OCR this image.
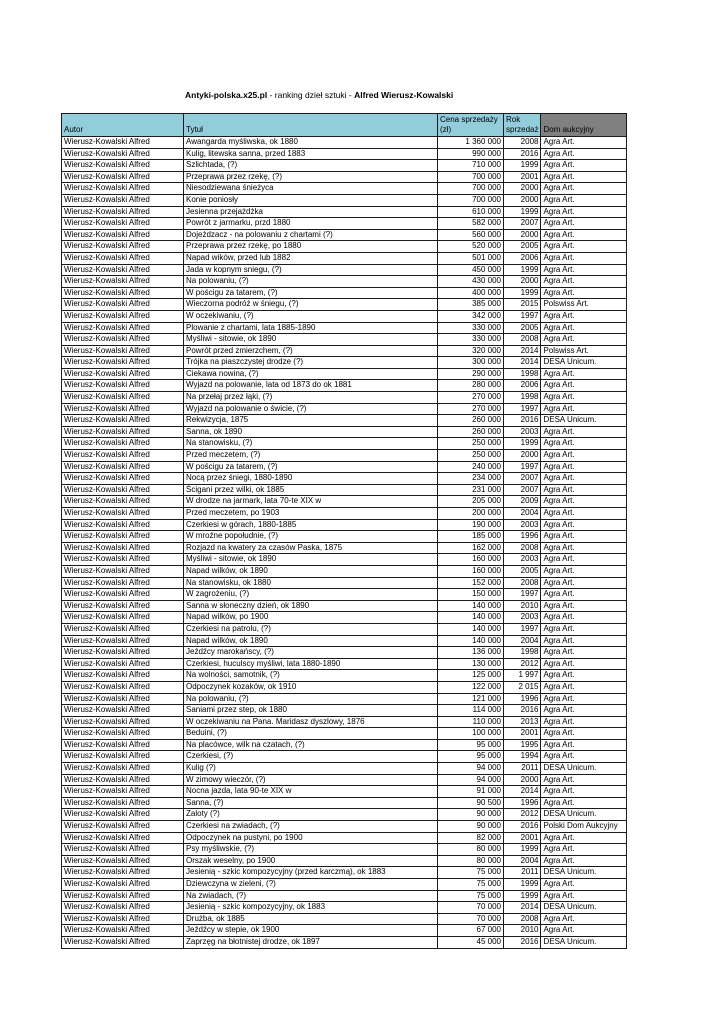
Antyki-polska.x25.pl - ranking dzieł sztuki - Alfred Wierusz-Kowalski
Autor	Tytuł	Cena sprzedaży (zł)	Rok sprzedaż	Dom aukcyjny
Wierusz-Kowalski Alfred	Awangarda myśliwska, ok 1880	1 360 000	2008	Agra Art.
Wierusz-Kowalski Alfred	Kulig, litewska sanna, przed 1883	990 000	2016	Agra Art.
Wierusz-Kowalski Alfred	Szlichtada, (?)	710 000	1999	Agra Art.
Wierusz-Kowalski Alfred	Przeprawa przez rzekę, (?)	700 000	2001	Agra Art.
Wierusz-Kowalski Alfred	Niesodziewana śnieżyca	700 000	2000	Agra Art.
Wierusz-Kowalski Alfred	Konie poniosły	700 000	2000	Agra Art.
Wierusz-Kowalski Alfred	Jesienna przejażdżka	610 000	1999	Agra Art.
Wierusz-Kowalski Alfred	Powrót z jarmarku, przd 1880	582 000	2007	Agra Art.
Wierusz-Kowalski Alfred	Dojeżdzacz - na polowaniu z chartami (?)	560 000	2000	Agra Art.
Wierusz-Kowalski Alfred	Przeprawa przez rzekę, po 1880	520 000	2005	Agra Art.
Wierusz-Kowalski Alfred	Napad wików, przed lub 1882	501 000	2006	Agra Art.
Wierusz-Kowalski Alfred	Jada w kopnym sniegu, (?)	450 000	1999	Agra Art.
Wierusz-Kowalski Alfred	Na polowaniu, (?)	430 000	2000	Agra Art.
Wierusz-Kowalski Alfred	W pościgu za tatarem, (?)	400 000	1999	Agra Art.
Wierusz-Kowalski Alfred	Wieczorna podróż w śniegu, (?)	385 000	2015	Polswiss Art.
Wierusz-Kowalski Alfred	W oczekiwaniu, (?)	342 000	1997	Agra Art.
Wierusz-Kowalski Alfred	Plowanie z chartami, lata 1885-1890	330 000	2005	Agra Art.
Wierusz-Kowalski Alfred	Myśliwi - sitowie, ok 1890	330 000	2008	Agra Art.
Wierusz-Kowalski Alfred	Powrót przed zmierzchem, (?)	320 000	2014	Polswiss Art.
Wierusz-Kowalski Alfred	Trójka na piaszczystej drodze (?)	300 000	2014	DESA Unicum.
Wierusz-Kowalski Alfred	Ciekawa nowina, (?)	290 000	1998	Agra Art.
Wierusz-Kowalski Alfred	Wyjazd na polowanie, lata od 1873 do ok 1881	280 000	2006	Agra Art.
Wierusz-Kowalski Alfred	Na przełaj przez łąki, (?)	270 000	1998	Agra Art.
Wierusz-Kowalski Alfred	Wyjazd na polowanie o świcie, (?)	270 000	1997	Agra Art.
Wierusz-Kowalski Alfred	Rekwizycja, 1875	260 000	2016	DESA Unicum.
Wierusz-Kowalski Alfred	Sanna, ok 1890	260 000	2003	Agra Art.
Wierusz-Kowalski Alfred	Na stanowisku, (?)	250 000	1999	Agra Art.
Wierusz-Kowalski Alfred	Przed meczetem, (?)	250 000	2000	Agra Art.
Wierusz-Kowalski Alfred	W pościgu za tatarem, (?)	240 000	1997	Agra Art.
Wierusz-Kowalski Alfred	Nocą przez śniegi, 1880-1890	234 000	2007	Agra Art.
Wierusz-Kowalski Alfred	Ścigani przez wilki, ok 1885	231 000	2007	Agra Art.
Wierusz-Kowalski Alfred	W drodze na jarmark, lata 70-te XIX w	205 000	2009	Agra Art.
Wierusz-Kowalski Alfred	Przed meczetem, po 1903	200 000	2004	Agra Art.
Wierusz-Kowalski Alfred	Czerkiesi w górach, 1880-1885	190 000	2003	Agra Art.
Wierusz-Kowalski Alfred	W mroźne popołudnie, (?)	185 000	1996	Agra Art.
Wierusz-Kowalski Alfred	Rozjazd na kwatery za czasów Paska, 1875	162 000	2008	Agra Art.
Wierusz-Kowalski Alfred	Myśliwi - sitowie, ok 1890	160 000	2003	Agra Art.
Wierusz-Kowalski Alfred	Napad wilków, ok 1890	160 000	2005	Agra Art.
Wierusz-Kowalski Alfred	Na stanowisku, ok 1880	152 000	2008	Agra Art.
Wierusz-Kowalski Alfred	W zagrożeniu, (?)	150 000	1997	Agra Art.
Wierusz-Kowalski Alfred	Sanna w słoneczny dzień, ok 1890	140 000	2010	Agra Art.
Wierusz-Kowalski Alfred	Napad wilków, po 1900	140 000	2003	Agra Art.
Wierusz-Kowalski Alfred	Czerkiesi na patrolu, (?)	140 000	1997	Agra Art.
Wierusz-Kowalski Alfred	Napad wilków, ok 1890	140 000	2004	Agra Art.
Wierusz-Kowalski Alfred	Jeźdźcy marokańscy, (?)	136 000	1998	Agra Art.
Wierusz-Kowalski Alfred	Czerkiesi, huculscy myśliwi, lata 1880-1890	130 000	2012	Agra Art.
Wierusz-Kowalski Alfred	Na wolności, samotnik, (?)	125 000	1 997	Agra Art.
Wierusz-Kowalski Alfred	Odpoczynek kozaków, ok 1910	122 000	2 015	Agra Art.
Wierusz-Kowalski Alfred	Na polowaniu, (?)	121 000	1996	Agra Art.
Wierusz-Kowalski Alfred	Saniami przez step, ok 1880	114 000	2016	Agra Art.
Wierusz-Kowalski Alfred	W oczekiwaniu na Pana. Maridasz dyszlowy, 1876	110 000	2013	Agra Art.
Wierusz-Kowalski Alfred	Beduini, (?)	100 000	2001	Agra Art.
Wierusz-Kowalski Alfred	Na placówce, wilk na czatach, (?)	95 000	1995	Agra Art.
Wierusz-Kowalski Alfred	Czerkiesi, (?)	95 000	1994	Agra Art.
Wierusz-Kowalski Alfred	Kulig (?)	94 000	2011	DESA Unicum.
Wierusz-Kowalski Alfred	W zimowy wieczór, (?)	94 000	2000	Agra Art.
Wierusz-Kowalski Alfred	Nocna jazda, lata 90-te XIX w	91 000	2014	Agra Art.
Wierusz-Kowalski Alfred	Sanna, (?)	90 500	1996	Agra Art.
Wierusz-Kowalski Alfred	Zaloty (?)	90 000	2012	DESA Unicum.
Wierusz-Kowalski Alfred	Czerkiesi na zwiadach, (?)	90 000	2016	Polski Dom Aukcyjny
Wierusz-Kowalski Alfred	Odpoczynek na pustyni, po 1900	82 000	2001	Agra Art.
Wierusz-Kowalski Alfred	Psy myśliwskie, (?)	80 000	1999	Agra Art.
Wierusz-Kowalski Alfred	Orszak weselny, po 1900	80 000	2004	Agra Art.
Wierusz-Kowalski Alfred	Jesienią - szkic kompozycyjny (przed karczmą), ok 1883	75 000	2011	DESA Unicum.
Wierusz-Kowalski Alfred	Dziewczyna w zieleni, (?)	75 000	1999	Agra Art.
Wierusz-Kowalski Alfred	Na zwiadach, (?)	75 000	1999	Agra Art.
Wierusz-Kowalski Alfred	Jesienią - szkic kompozycyjny, ok 1883	70 000	2014	DESA Unicum.
Wierusz-Kowalski Alfred	Drużba, ok 1885	70 000	2008	Agra Art.
Wierusz-Kowalski Alfred	Jeźdźcy w stepie, ok 1900	67 000	2010	Agra Art.
Wierusz-Kowalski Alfred	Zaprzęg na błotnistej drodze, ok 1897	45 000	2016	DESA Unicum.
